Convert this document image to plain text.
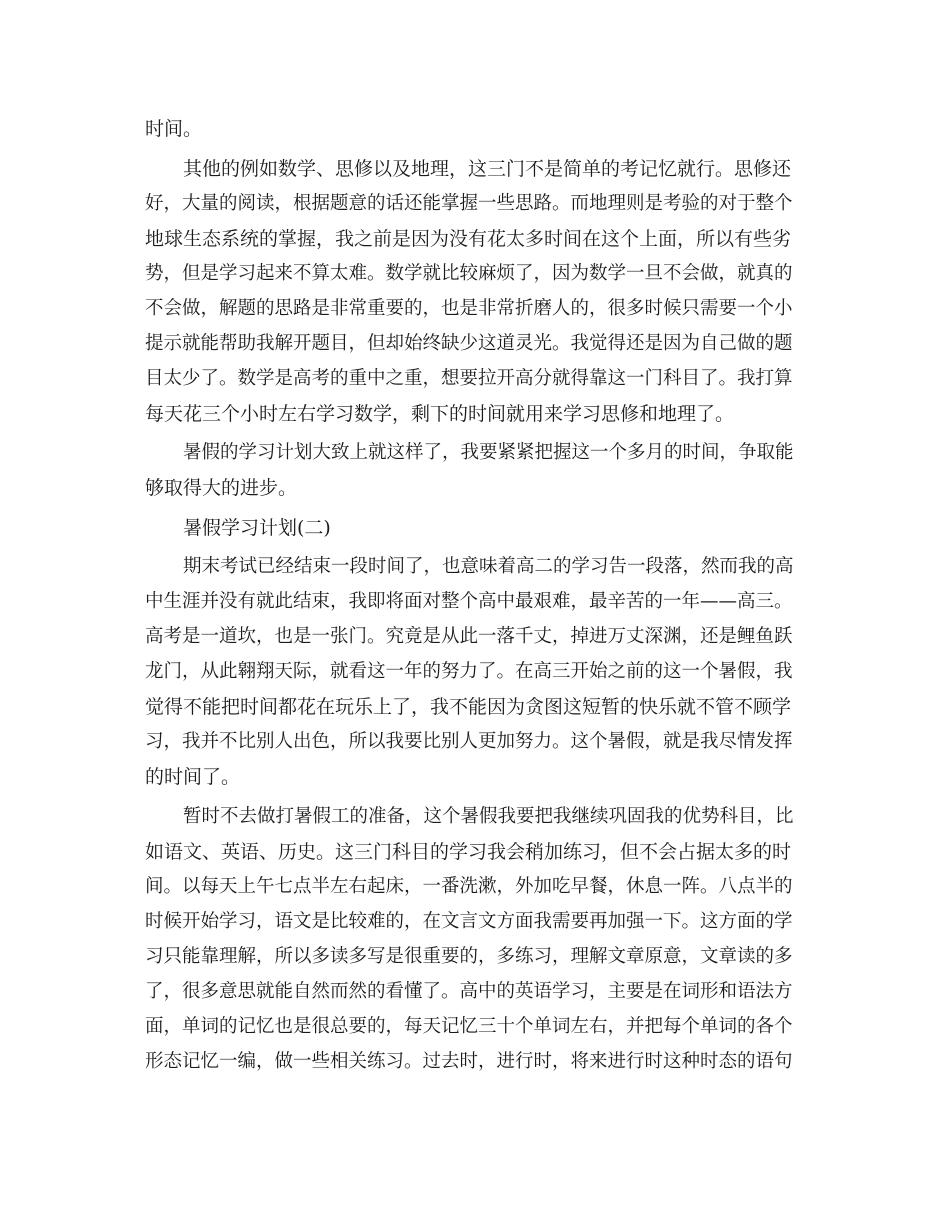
时间。

其他的例如数学、思修以及地理，这三门不是简单的考记忆就行。思修还

好，大量的阅读，根据题意的话还能掌握一些思路。而地理则是考验的对于整个

地球生态系统的掌握，我之前是因为没有花太多时间在这个上面，所以有些劣

势，但是学习起来不算太难。数学就比较麻烦了，因为数学一旦不会做，就真的

不会做，解题的思路是非常重要的，也是非常折磨人的，很多时候只需要一个小

提示就能帮助我解开题目，但却始终缺少这道灵光。我觉得还是因为自己做的题

目太少了。数学是高考的重中之重，想要拉开高分就得靠这一门科目了。我打算

每天花三个小时左右学习数学，剩下的时间就用来学习思修和地理了。

暑假的学习计划大致上就这样了，我要紧紧把握这一个多月的时间，争取能

够取得大的进步。

暑假学习计划(二)

期末考试已经结束一段时间了，也意味着高二的学习告一段落，然而我的高

中生涯并没有就此结束，我即将面对整个高中最艰难，最辛苦的一年——高三。

高考是一道坎，也是一张门。究竟是从此一落千丈，掉进万丈深渊，还是鲤鱼跃

龙门，从此翱翔天际，就看这一年的努力了。在高三开始之前的这一个暑假，我

觉得不能把时间都花在玩乐上了，我不能因为贪图这短暂的快乐就不管不顾学

习，我并不比别人出色，所以我要比别人更加努力。这个暑假，就是我尽情发挥

的时间了。

暂时不去做打暑假工的准备，这个暑假我要把我继续巩固我的优势科目，比

如语文、英语、历史。这三门科目的学习我会稍加练习，但不会占据太多的时

间。以每天上午七点半左右起床，一番洗漱，外加吃早餐，休息一阵。八点半的

时候开始学习，语文是比较难的，在文言文方面我需要再加强一下。这方面的学

习只能靠理解，所以多读多写是很重要的，多练习，理解文章原意，文章读的多

了，很多意思就能自然而然的看懂了。高中的英语学习，主要是在词形和语法方

面，单词的记忆也是很总要的，每天记忆三十个单词左右，并把每个单词的各个

形态记忆一编，做一些相关练习。过去时，进行时，将来进行时这种时态的语句
